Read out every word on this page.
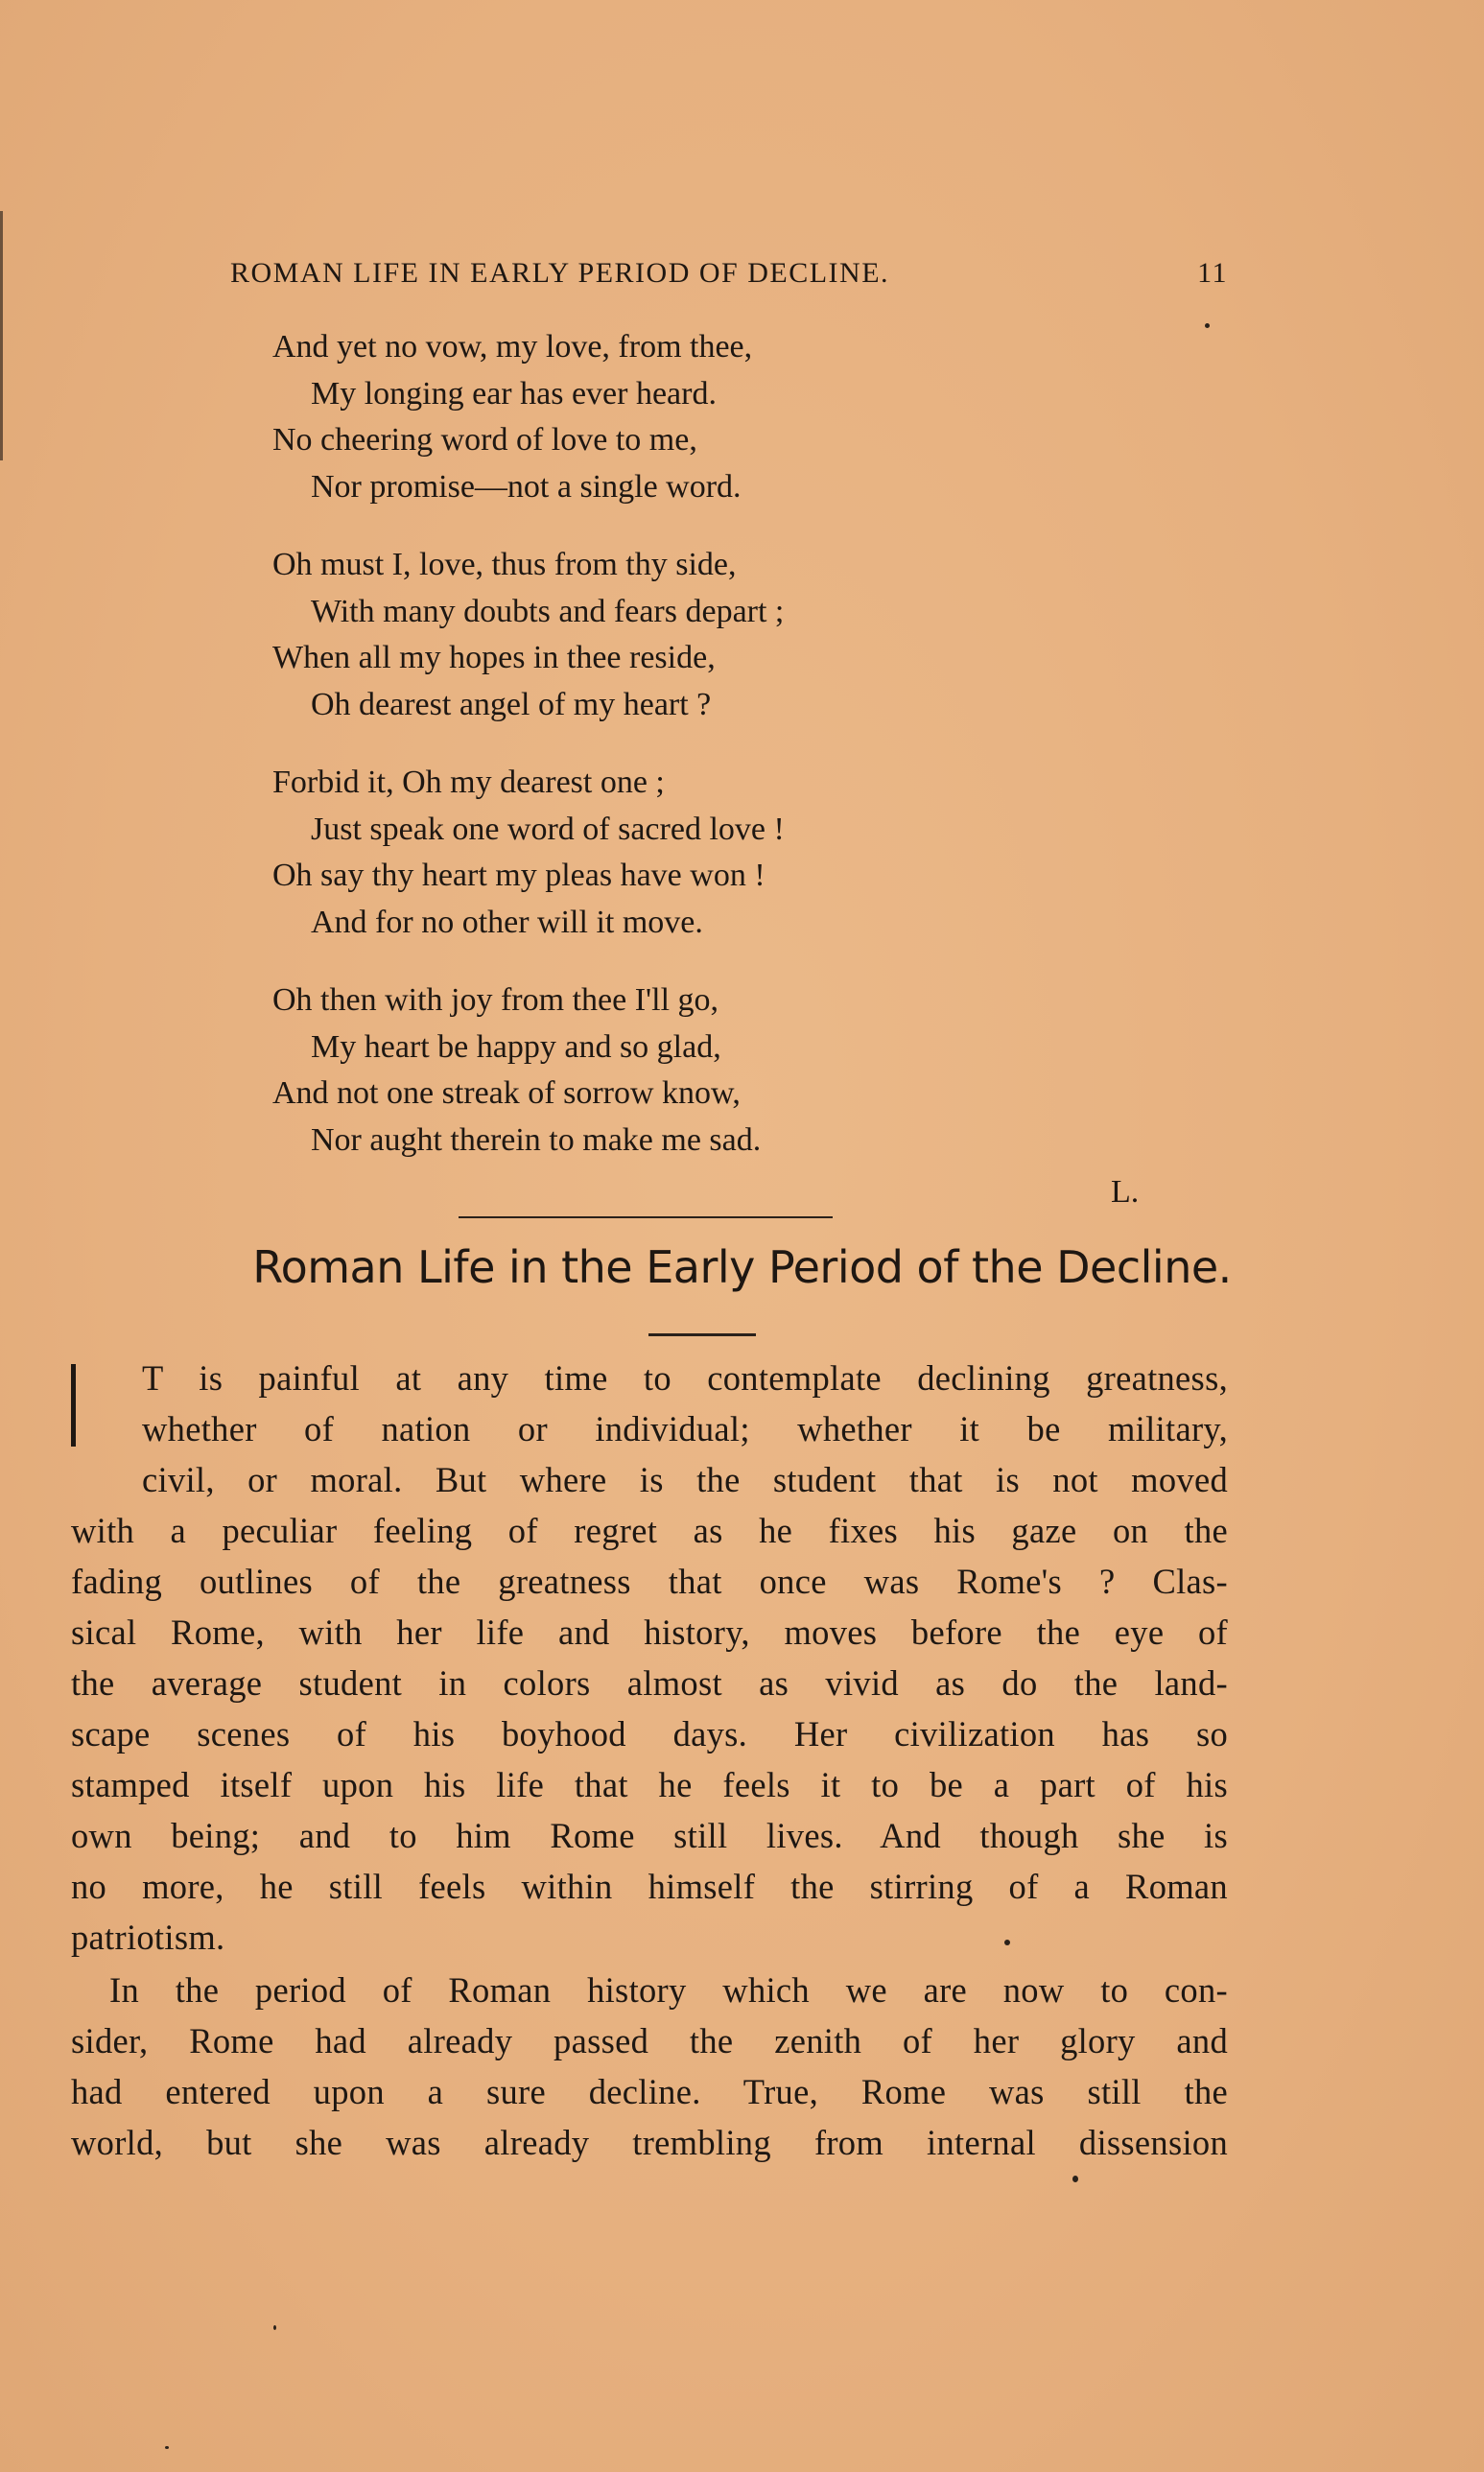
ROMAN LIFE IN EARLY PERIOD OF DECLINE.	11
And yet no vow, my love, from thee,
My longing ear has ever heard.
No cheering word of love to me,
Nor promise—not a single word.
Oh must I, love, thus from thy side,
With many doubts and fears depart ;
When all my hopes in thee reside,
Oh dearest angel of my heart ?
Forbid it, Oh my dearest one ;
Just speak one word of sacred love !
Oh say thy heart my pleas have won !
And for no other will it move.
Oh then with joy from thee I'll go,
My heart be happy and so glad,
And not one streak of sorrow know,
Nor aught therein to make me sad.
L.
Roman Life in the Early Period of the Decline.
T is painful at any time to contemplate declining greatness,
whether of nation or individual; whether it be military,
civil, or moral. But where is the student that is not moved
with a peculiar feeling of regret as he fixes his gaze on the
fading outlines of the greatness that once was Rome's ? Clas-
sical Rome, with her life and history, moves before the eye of
the average student in colors almost as vivid as do the land-
scape scenes of his boyhood days. Her civilization has so
stamped itself upon his life that he feels it to be a part of his
own being; and to him Rome still lives. And though she is
no more, he still feels within himself the stirring of a Roman
patriotism.
In the period of Roman history which we are now to con-
sider, Rome had already passed the zenith of her glory and
had entered upon a sure decline. True, Rome was still the
world, but she was already trembling from internal dissension
